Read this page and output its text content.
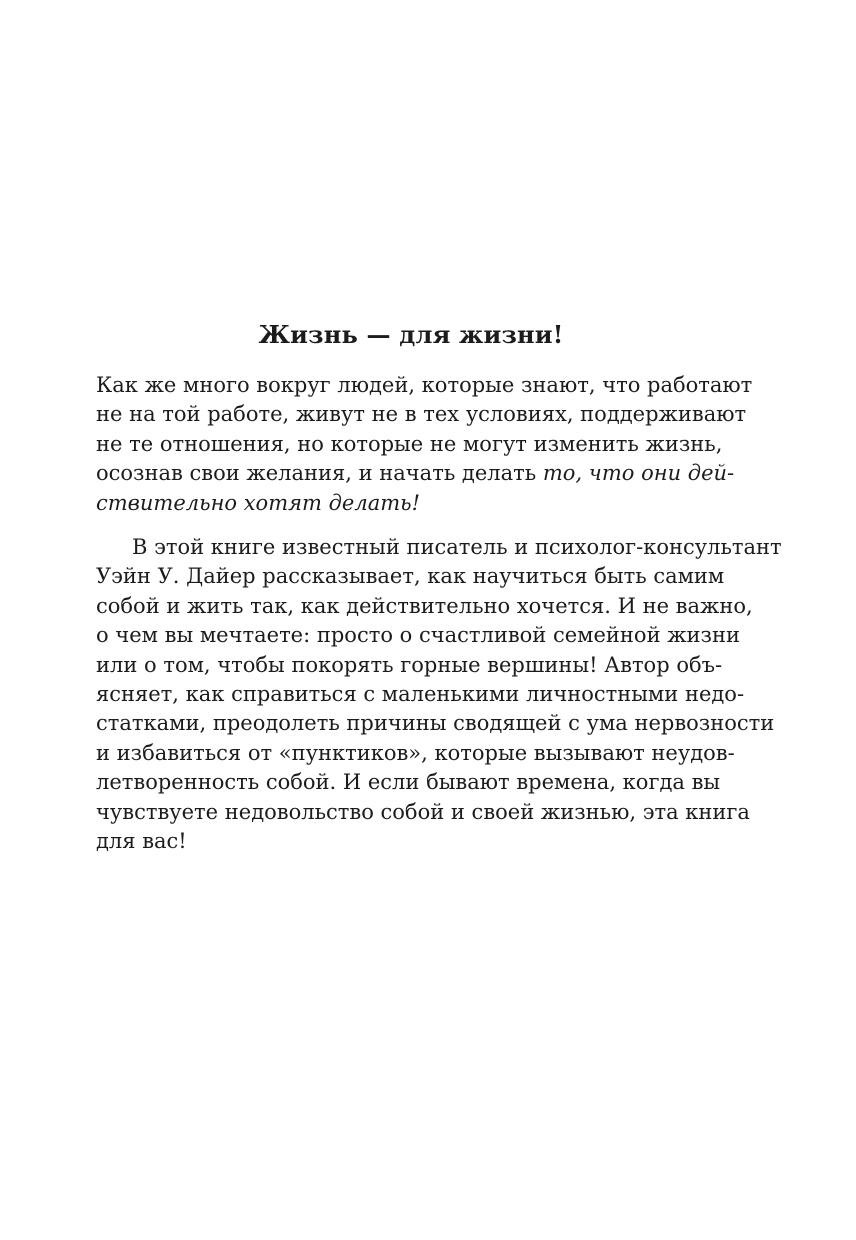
Жизнь — для жизни!
Как же много вокруг людей, которые знают, что работают
не на той работе, живут не в тех условиях, поддерживают
не те отношения, но которые не могут изменить жизнь,
осознав свои желания, и начать делать то, что они дей-
ствительно хотят делать!
В этой книге известный писатель и психолог-консультант
Уэйн У. Дайер рассказывает, как научиться быть самим
собой и жить так, как действительно хочется. И не важно,
о чем вы мечтаете: просто о счастливой семейной жизни
или о том, чтобы покорять горные вершины! Автор объ-
ясняет, как справиться с маленькими личностными недо-
статками, преодолеть причины сводящей с ума нервозности
и избавиться от «пунктиков», которые вызывают неудов-
летворенность собой. И если бывают времена, когда вы
чувствуете недовольство собой и своей жизнью, эта книга
для вас!
